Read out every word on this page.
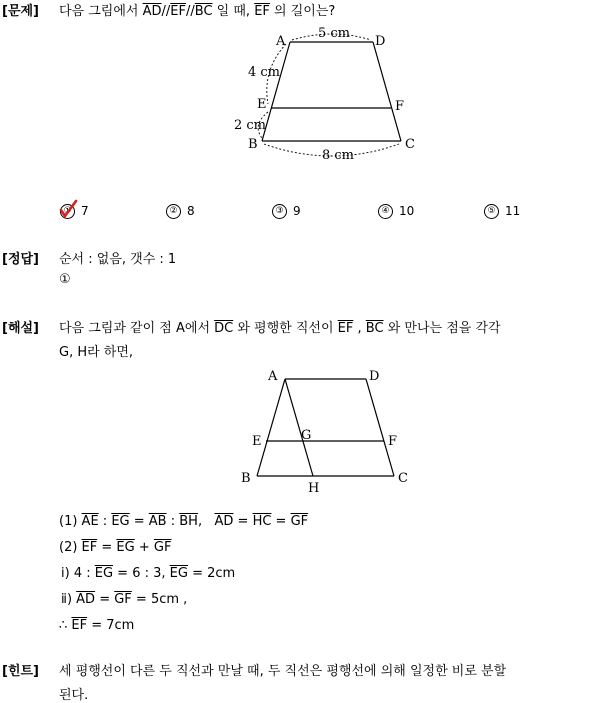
[문제] 다음 그림에서 $\overline{AD}//\overline{EF}//\overline{BC}$ 일 때, $\overline{EF}$ 의 길이는?
A	D
E	F
B	C
5 cm
4 cm
2 cm
8 cm
A	D
E	G	F
B
H
C
① 7	② 8	③ 9	④ 10	⑤ 11
[정답] 순서 : 없음, 갯수 : 1
①
[해설] 다음 그림과 같이 점 A에서 $\overline{DC}$ 와 평행한 직선이 $\overline{EF}$ , $\overline{BC}$ 와 만나는 점을 각각
G, H라 하면,
(1) $\overline{AE}$ : $\overline{EG} = \overline{AB}$ : $\overline{BH}$,   $\overline{AD} = \overline{HC} = \overline{GF}$
(2) $\overline{EF} = \overline{EG} + \overline{GF}$
ⅰ) 4 : $\overline{EG} = 6$ : 3, $\overline{EG} = 2cm$
ⅱ) $\overline{AD} = \overline{GF} = 5cm$ ,
∴ $\overline{EF} = 7cm$
[힌트] 세 평행선이 다른 두 직선과 만날 때, 두 직선은 평행선에 의해 일정한 비로 분할
된다.
